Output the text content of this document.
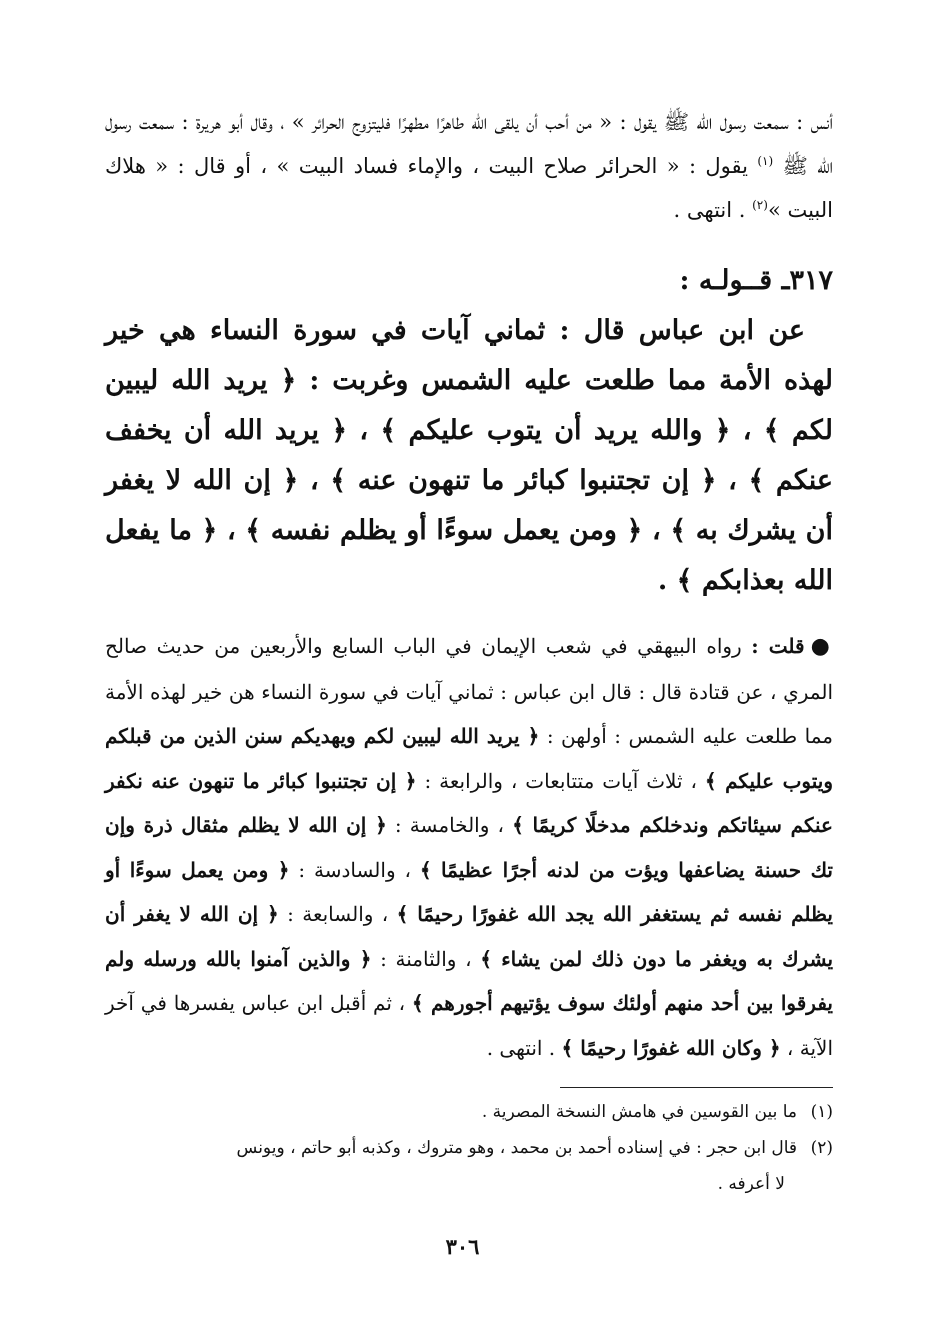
أنس : سمعت رسول الله ﷺ يقول : « من أحب أن يلقى الله طاهرًا مطهرًا فليتزوج الحرائر » ، وقال أبو هريرة : سمعت رسول الله ﷺ $^{(١)}$ يقول : « الحرائر صلاح البيت ، والإماء فساد البيت » ، أو قال : « هلاك البيت »$^{(٢)}$ . انتهى .

٣١٧ـ قــولـه :

عن ابن عباس قال : ثماني آيات في سورة النساء هي خير لهذه الأمة مما طلعت عليه الشمس وغربت : ﴿ يريد الله ليبين لكم ﴾ ، ﴿ والله يريد أن يتوب عليكم ﴾ ، ﴿ يريد الله أن يخفف عنكم ﴾ ، ﴿ إن تجتنبوا كبائر ما تنهون عنه ﴾ ، ﴿ إن الله لا يغفر أن يشرك به ﴾ ، ﴿ ومن يعمل سوءًا أو يظلم نفسه ﴾ ، ﴿ ما يفعل الله بعذابكم ﴾ .

●قلت : رواه البيهقي في شعب الإيمان في الباب السابع والأربعين من حديث صالح المري ، عن قتادة قال : قال ابن عباس : ثماني آيات في سورة النساء هن خير لهذه الأمة مما طلعت عليه الشمس : أولهن : ﴿ يريد الله ليبين لكم ويهديكم سنن الذين من قبلكم ويتوب عليكم ﴾ ، ثلاث آيات متتابعات ، والرابعة : ﴿ إن تجتنبوا كبائر ما تنهون عنه نكفر عنكم سيئاتكم وندخلكم مدخلًا كريمًا ﴾ ، والخامسة : ﴿ إن الله لا يظلم مثقال ذرة وإن تك حسنة يضاعفها ويؤت من لدنه أجرًا عظيمًا ﴾ ، والسادسة : ﴿ ومن يعمل سوءًا أو يظلم نفسه ثم يستغفر الله يجد الله غفورًا رحيمًا ﴾ ، والسابعة : ﴿ إن الله لا يغفر أن يشرك به ويغفر ما دون ذلك لمن يشاء ﴾ ، والثامنة : ﴿ والذين آمنوا بالله ورسله ولم يفرقوا بين أحد منهم أولئك سوف يؤتيهم أجورهم ﴾ ، ثم أقبل ابن عباس يفسرها في آخر الآية ، ﴿ وكان الله غفورًا رحيمًا ﴾ . انتهى .

(١)ما بين القوسين في هامش النسخة المصرية .

(٢)قال ابن حجر : في إسناده أحمد بن محمد ، وهو متروك ، وكذبه أبو حاتم ، ويونس

لا أعرفه .

٣٠٦
